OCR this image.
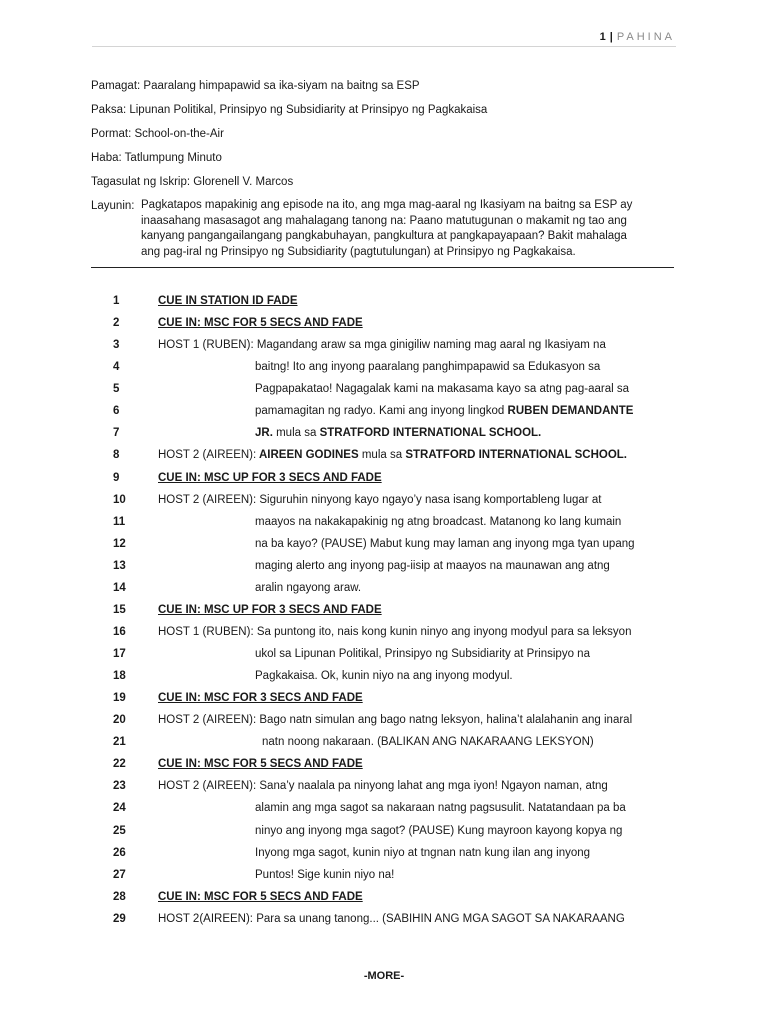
1 | PAHINA
Pamagat: Paaralang himpapawid sa ika-siyam na baitng sa ESP
Paksa: Lipunan Politikal, Prinsipyo ng Subsidiarity at Prinsipyo ng Pagkakaisa
Pormat: School-on-the-Air
Haba: Tatlumpung Minuto
Tagasulat ng Iskrip: Glorenell V. Marcos
Layunin: Pagkatapos mapakinig ang episode na ito, ang mga mag-aaral ng Ikasiyam na baitng sa ESP ay
inaasahang masasagot ang mahalagang tanong na: Paano matutugunan o makamit ng tao ang
kanyang pangangailangang pangkabuhayan, pangkultura at pangkapayapaan? Bakit mahalaga
ang pag-iral ng Prinsipyo ng Subsidiarity (pagtutulungan) at Prinsipyo ng Pagkakaisa.
1	CUE IN STATION ID FADE
2	CUE IN: MSC FOR 5 SECS AND FADE
3	HOST 1 (RUBEN): Magandang araw sa mga ginigiliw naming mag aaral ng Ikasiyam na
4	baitng! Ito ang inyong paaralang panghimpapawid sa Edukasyon sa
5	Pagpapakatao! Nagagalak kami na makasama kayo sa atng pag-aaral sa
6	pamamagitan ng radyo. Kami ang inyong lingkod RUBEN DEMANDANTE
7	JR. mula sa STRATFORD INTERNATIONAL SCHOOL.
8	HOST 2 (AIREEN): AIREEN GODINES mula sa STRATFORD INTERNATIONAL SCHOOL.
9	CUE IN: MSC UP FOR 3 SECS AND FADE
10	HOST 2 (AIREEN): Siguruhin ninyong kayo ngayo’y nasa isang komportableng lugar at
11	maayos na nakakapakinig ng atng broadcast. Matanong ko lang kumain
12	na ba kayo? (PAUSE) Mabut kung may laman ang inyong mga tyan upang
13	maging alerto ang inyong pag-iisip at maayos na maunawan ang atng
14	aralin ngayong araw.
15	CUE IN: MSC UP FOR 3 SECS AND FADE
16	HOST 1 (RUBEN): Sa puntong ito, nais kong kunin ninyo ang inyong modyul para sa leksyon
17	ukol sa Lipunan Politikal, Prinsipyo ng Subsidiarity at Prinsipyo na
18	Pagkakaisa. Ok, kunin niyo na ang inyong modyul.
19	CUE IN: MSC FOR 3 SECS AND FADE
20	HOST 2 (AIREEN): Bago natn simulan ang bago natng leksyon, halina’t alalahanin ang inaral
21	natn noong nakaraan. (BALIKAN ANG NAKARAANG LEKSYON)
22	CUE IN: MSC FOR 5 SECS AND FADE
23	HOST 2 (AIREEN): Sana’y naalala pa ninyong lahat ang mga iyon! Ngayon naman, atng
24	alamin ang mga sagot sa nakaraan natng pagsusulit. Natatandaan pa ba
25	ninyo ang inyong mga sagot? (PAUSE) Kung mayroon kayong kopya ng
26	Inyong mga sagot, kunin niyo at tngnan natn kung ilan ang inyong
27	Puntos! Sige kunin niyo na!
28	CUE IN: MSC FOR 5 SECS AND FADE
29	HOST 2(AIREEN): Para sa unang tanong... (SABIHIN ANG MGA SAGOT SA NAKARAANG
-MORE-
